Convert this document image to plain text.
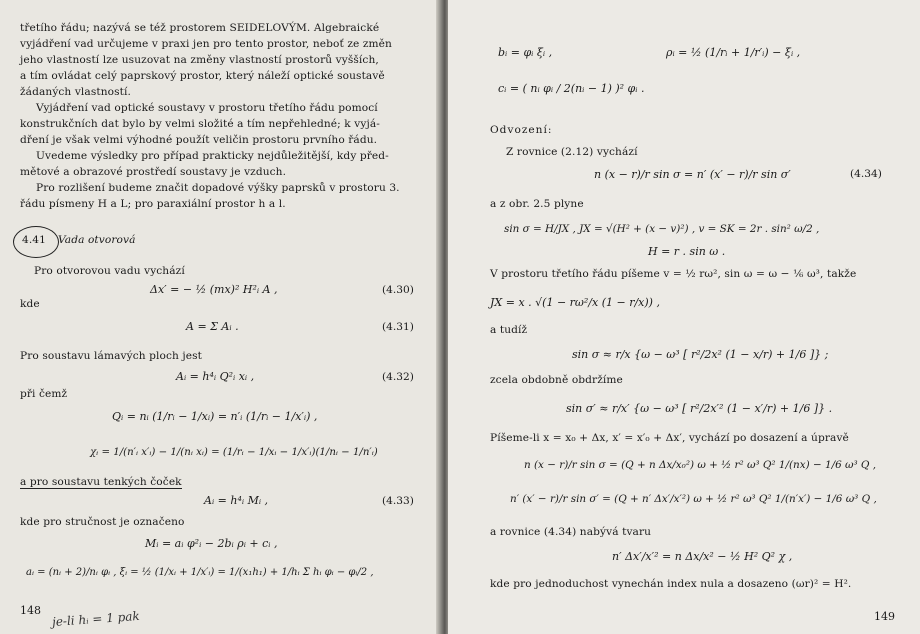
třetího řádu; nazývá se též prostorem SEIDELOVÝM. Algebraické
vyjádření vad určujeme v praxi jen pro tento prostor, neboť ze změn
jeho vlastností lze usuzovat na změny vlastností prostorů vyšších,
a tím ovládat celý paprskový prostor, který náleží optické soustavě
žádaných vlastností.
Vyjádření vad optické soustavy v prostoru třetího řádu pomocí
konstrukčních dat bylo by velmi složité a tím nepřehledné; k vyjá-
dření je však velmi výhodné použít veličin prostoru prvního řádu.
Uvedeme výsledky pro případ prakticky nejdůležitější, kdy před-
mětové a obrazové prostředí soustavy je vzduch.
Pro rozlišení budeme značit dopadové výšky paprsků v prostoru 3.
řádu písmeny H a L; pro paraxiální prostor h a l.
4.41 Vada otvorová
Pro otvorovou vadu vychází
Δx′ = − ½ (mx)² H²ᵢ A ,	(4.30)
kde
A = Σ Aᵢ .	(4.31)
Pro soustavu lámavých ploch jest
Aᵢ = h⁴ᵢ Q²ᵢ xᵢ ,	(4.32)
při čemž
Qᵢ = nᵢ (1/rᵢ − 1/xᵢ) = n′ᵢ (1/rᵢ − 1/x′ᵢ) ,
χᵢ = 1/(n′ᵢ x′ᵢ) − 1/(nᵢ xᵢ) = (1/rᵢ − 1/xᵢ − 1/x′ᵢ)(1/nᵢ − 1/n′ᵢ)
a pro soustavu tenkých čoček
Aᵢ = h⁴ᵢ Mᵢ ,	(4.33)
kde pro stručnost je označeno
Mᵢ = aᵢ φ²ᵢ − 2bᵢ ρᵢ + cᵢ ,
aᵢ = (nᵢ + 2)/nᵢ φᵢ , ξᵢ = ½ (1/xᵢ + 1/x′ᵢ) = 1/(x₁h₁) + 1/hᵢ Σ hᵢ φᵢ − φᵢ/2 ,
148 je-li hᵢ = 1 pak
bᵢ = φᵢ ξᵢ ,	ρᵢ = ½ (1/rᵢ + 1/r′ᵢ) − ξᵢ ,
cᵢ = ( nᵢ φᵢ / 2(nᵢ − 1) )² φᵢ .
Odvození:
Z rovnice (2.12) vychází
n (x − r)/r sin σ = n′ (x′ − r)/r sin σ′	(4.34)
a z obr. 2.5 plyne
sin σ = H/JX , JX = √(H² + (x − v)²) , v = SK = 2r . sin² ω/2 ,
H = r . sin ω .
V prostoru třetího řádu píšeme v = ½ rω², sin ω = ω − ⅙ ω³, takže
JX = x . √(1 − rω²/x (1 − r/x)) ,
a tudíž
sin σ ≈ r/x {ω − ω³ [ r²/2x² (1 − x/r) + 1/6 ]} ;
zcela obdobně obdržíme
sin σ′ ≈ r/x′ {ω − ω³ [ r²/2x′² (1 − x′/r) + 1/6 ]} .
Píšeme-li x = x₀ + Δx, x′ = x′₀ + Δx′, vychází po dosazení a úpravě
n (x − r)/r sin σ = (Q + n Δx/x₀²) ω + ½ r² ω³ Q² 1/(nx) − 1/6 ω³ Q ,
n′ (x′ − r)/r sin σ′ = (Q + n′ Δx′/x′²) ω + ½ r² ω³ Q² 1/(n′x′) − 1/6 ω³ Q ,
a rovnice (4.34) nabývá tvaru
n′ Δx′/x′² = n Δx/x² − ½ H² Q² χ ,
kde pro jednoduchost vynechán index nula a dosazeno (ωr)² = H².
149
